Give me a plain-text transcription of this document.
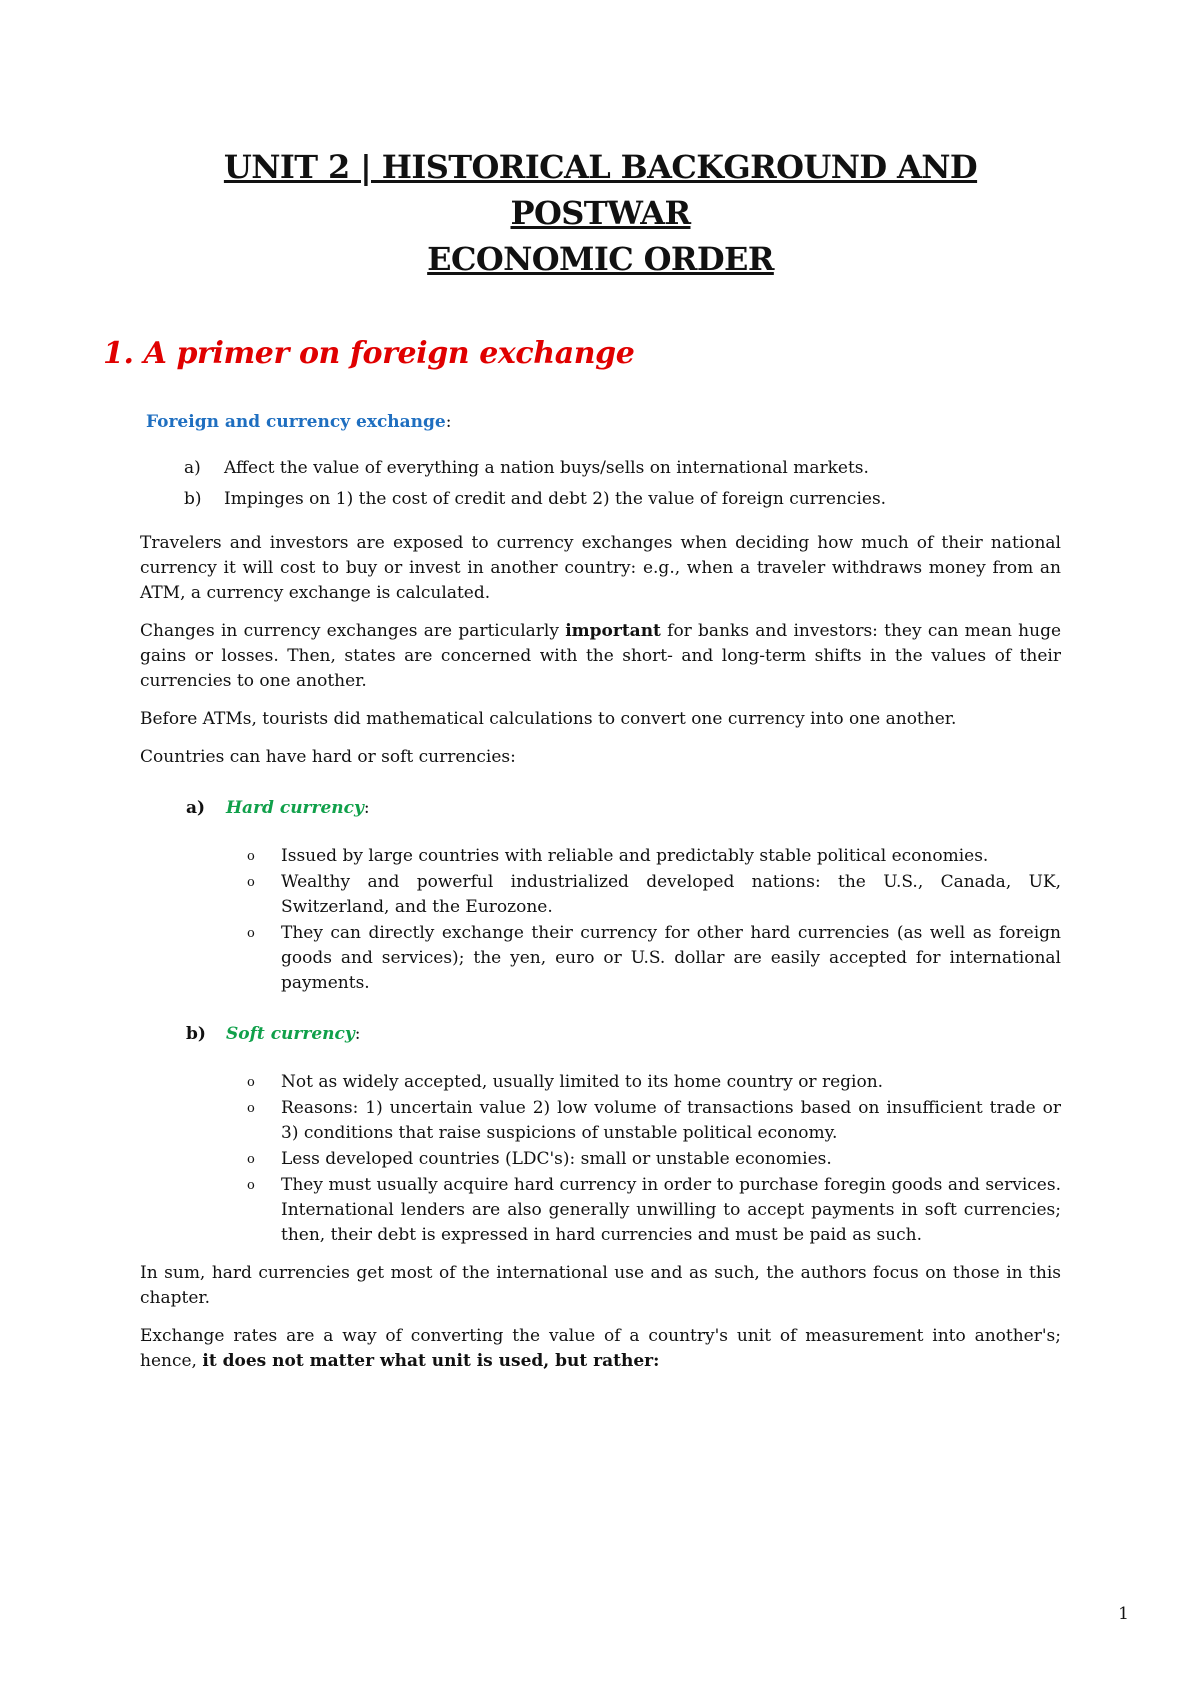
UNIT 2 | HISTORICAL BACKGROUND AND POSTWAR
ECONOMIC ORDER
1. A primer on foreign exchange
Foreign and currency exchange:
a)	Affect the value of everything a nation buys/sells on international markets.
b)	Impinges on 1) the cost of credit and debt 2) the value of foreign currencies.

Travelers and investors are exposed to currency exchanges when deciding how much of their national currency it will cost to buy or invest in another country: e.g., when a traveler withdraws money from an ATM, a currency exchange is calculated.

Changes in currency exchanges are particularly important for banks and investors: they can mean huge gains or losses. Then, states are concerned with the short- and long-term shifts in the values of their currencies to one another.

Before ATMs, tourists did mathematical calculations to convert one currency into one another.

Countries can have hard or soft currencies:

a)	Hard currency:
o	Issued by large countries with reliable and predictably stable political economies.
o	Wealthy and powerful industrialized developed nations: the U.S., Canada, UK, Switzerland, and the Eurozone.
o	They can directly exchange their currency for other hard currencies (as well as foreign goods and services); the yen, euro or U.S. dollar are easily accepted for international payments.
b)	Soft currency:
o	Not as widely accepted, usually limited to its home country or region.
o	Reasons: 1) uncertain value 2) low volume of transactions based on insufficient trade or 3) conditions that raise suspicions of unstable political economy.
o	Less developed countries (LDC's): small or unstable economies.
o	They must usually acquire hard currency in order to purchase foregin goods and services. International lenders are also generally unwilling to accept payments in soft currencies; then, their debt is expressed in hard currencies and must be paid as such.

In sum, hard currencies get most of the international use and as such, the authors focus on those in this chapter.

Exchange rates are a way of converting the value of a country's unit of measurement into another's; hence, it does not matter what unit is used, but rather:

1
